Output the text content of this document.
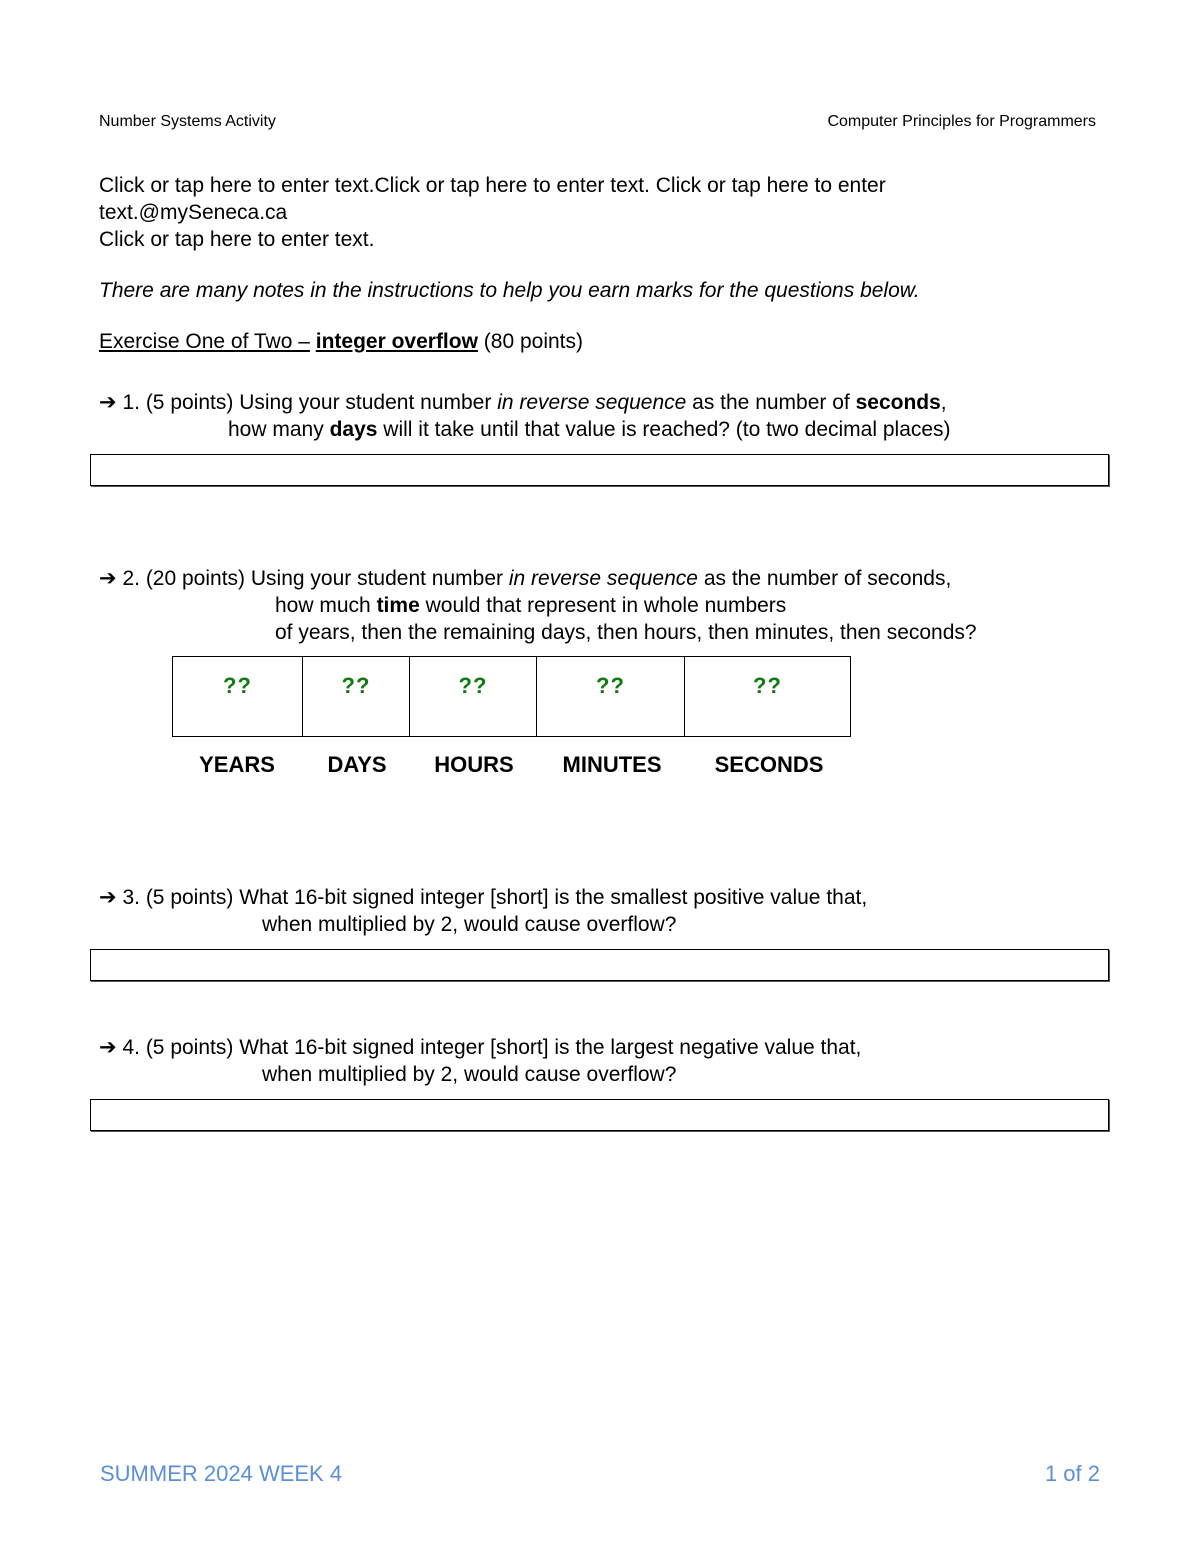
Number Systems Activity	Computer Principles for Programmers
Click or tap here to enter text.Click or tap here to enter text. Click or tap here to enter
text.@mySeneca.ca
Click or tap here to enter text.
There are many notes in the instructions to help you earn marks for the questions below.
Exercise One of Two – integer overflow (80 points)
➔ 1. (5 points) Using your student number in reverse sequence as the number of seconds,
how many days will it take until that value is reached? (to two decimal places)
➔ 2. (20 points) Using your student number in reverse sequence as the number of seconds,
how much time would that represent in whole numbers
of years, then the remaining days, then hours, then minutes, then seconds?
??	??	??	??	??
YEARS DAYS HOURS MINUTES SECONDS
➔ 3. (5 points) What 16-bit signed integer [short] is the smallest positive value that,
when multiplied by 2, would cause overflow?
➔ 4. (5 points) What 16-bit signed integer [short] is the largest negative value that,
when multiplied by 2, would cause overflow?
SUMMER 2024 WEEK 4	1 of 2
